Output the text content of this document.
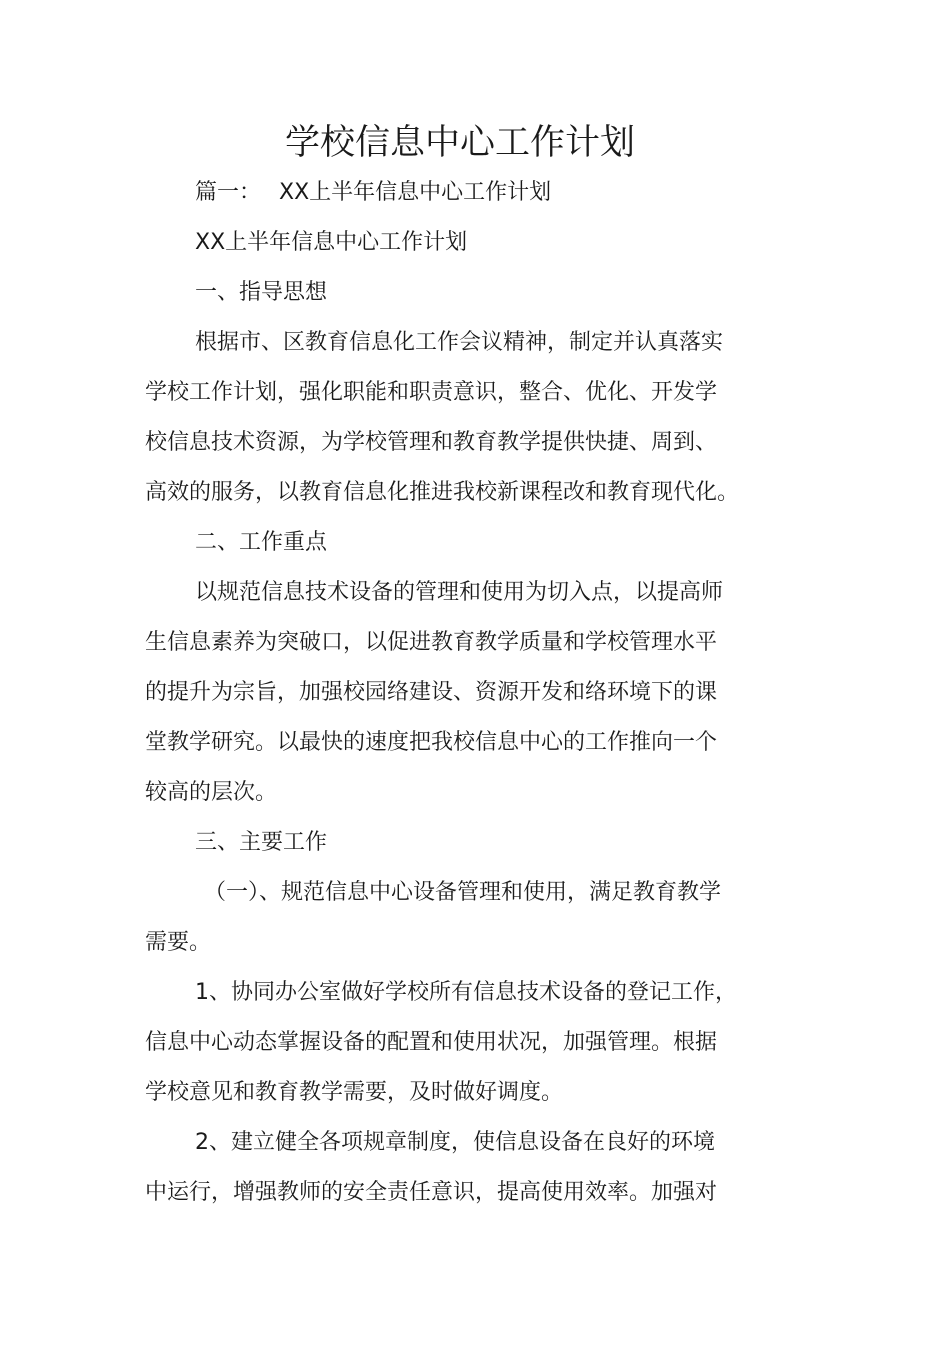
学校信息中心工作计划
篇一： XX上半年信息中心工作计划
XX上半年信息中心工作计划
一、指导思想
根据市、区教育信息化工作会议精神，制定并认真落实
学校工作计划，强化职能和职责意识，整合、优化、开发学
校信息技术资源，为学校管理和教育教学提供快捷、周到、
高效的服务，以教育信息化推进我校新课程改和教育现代化。
二、工作重点
以规范信息技术设备的管理和使用为切入点，以提高师
生信息素养为突破口，以促进教育教学质量和学校管理水平
的提升为宗旨，加强校园络建设、资源开发和络环境下的课
堂教学研究。以最快的速度把我校信息中心的工作推向一个
较高的层次。
三、主要工作
（一）、规范信息中心设备管理和使用，满足教育教学
需要。
1、协同办公室做好学校所有信息技术设备的登记工作，
信息中心动态掌握设备的配置和使用状况，加强管理。根据
学校意见和教育教学需要，及时做好调度。
2、建立健全各项规章制度，使信息设备在良好的环境
中运行，增强教师的安全责任意识，提高使用效率。加强对
